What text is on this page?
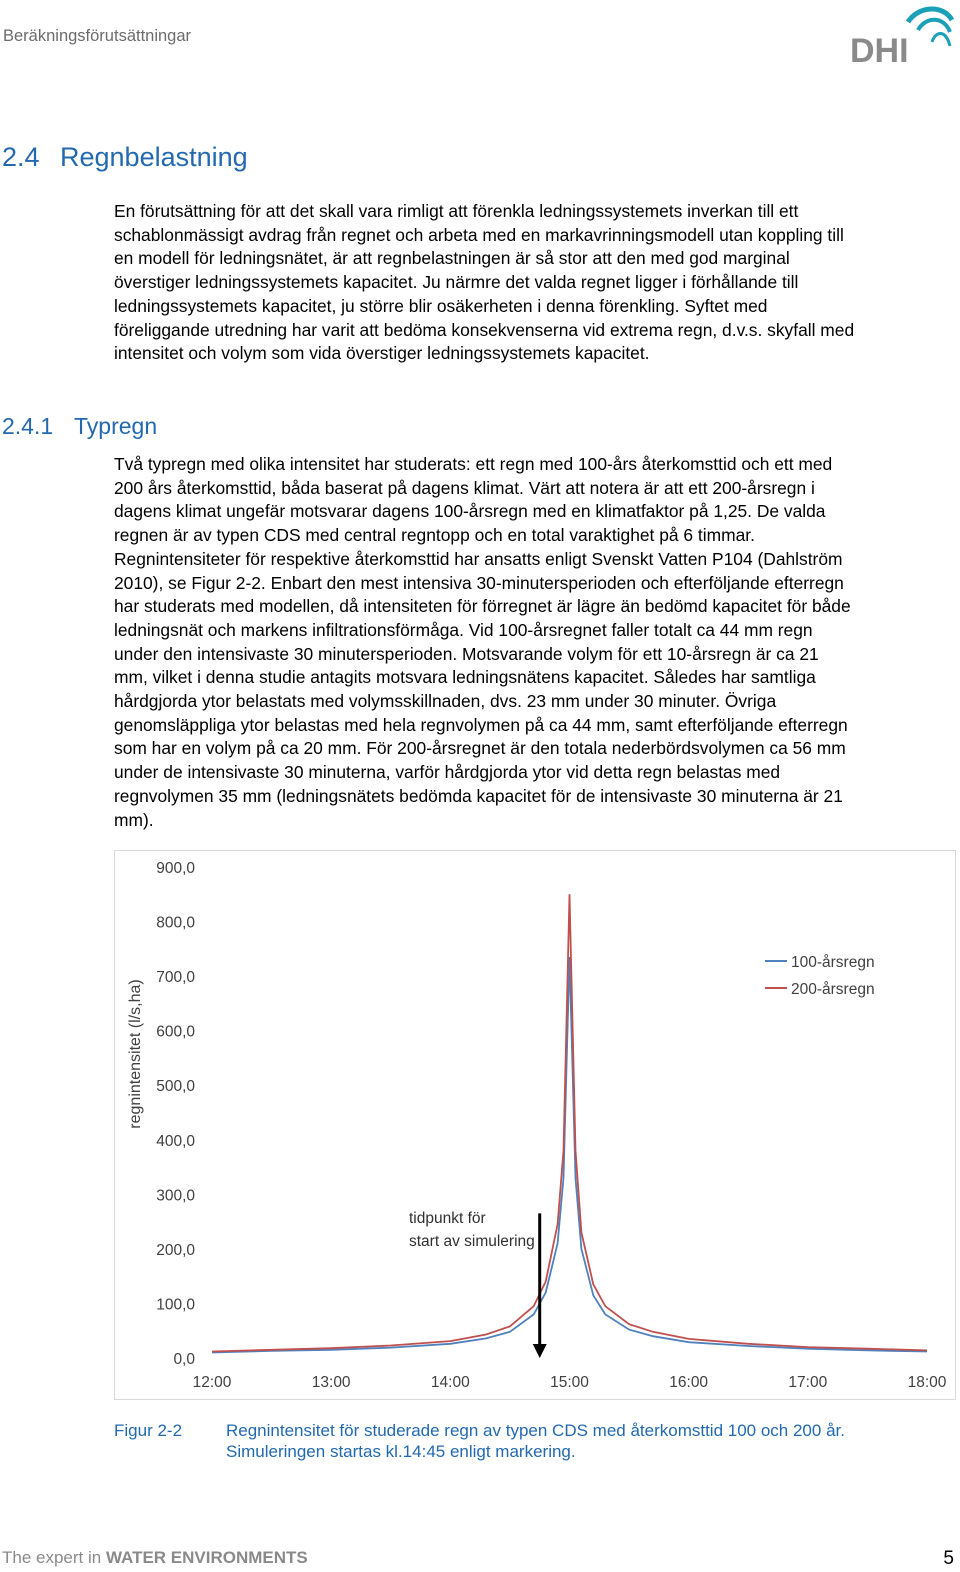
Beräkningsförutsättningar	DHI
2.4 Regnbelastning
En förutsättning för att det skall vara rimligt att förenkla ledningssystemets inverkan till ett
schablonmässigt avdrag från regnet och arbeta med en markavrinningsmodell utan koppling till
en modell för ledningsnätet, är att regnbelastningen är så stor att den med god marginal
överstiger ledningssystemets kapacitet. Ju närmre det valda regnet ligger i förhållande till
ledningssystemets kapacitet, ju större blir osäkerheten i denna förenkling. Syftet med
föreliggande utredning har varit att bedöma konsekvenserna vid extrema regn, d.v.s. skyfall med
intensitet och volym som vida överstiger ledningssystemets kapacitet.
2.4.1 Typregn
Två typregn med olika intensitet har studerats: ett regn med 100-års återkomsttid och ett med
200 års återkomsttid, båda baserat på dagens klimat. Värt att notera är att ett 200-årsregn i
dagens klimat ungefär motsvarar dagens 100-årsregn med en klimatfaktor på 1,25. De valda
regnen är av typen CDS med central regntopp och en total varaktighet på 6 timmar.
Regnintensiteter för respektive återkomsttid har ansatts enligt Svenskt Vatten P104 (Dahlström
2010), se Figur 2-2. Enbart den mest intensiva 30-minutersperioden och efterföljande efterregn
har studerats med modellen, då intensiteten för förregnet är lägre än bedömd kapacitet för både
ledningsnät och markens infiltrationsförmåga. Vid 100-årsregnet faller totalt ca 44 mm regn
under den intensivaste 30 minutersperioden. Motsvarande volym för ett 10-årsregn är ca 21
mm, vilket i denna studie antagits motsvara ledningsnätens kapacitet. Således har samtliga
hårdgjorda ytor belastats med volymsskillnaden, dvs. 23 mm under 30 minuter. Övriga
genomsläppliga ytor belastas med hela regnvolymen på ca 44 mm, samt efterföljande efterregn
som har en volym på ca 20 mm. För 200-årsregnet är den totala nederbördsvolymen ca 56 mm
under de intensivaste 30 minuterna, varför hårdgjorda ytor vid detta regn belastas med
regnvolymen 35 mm (ledningsnätets bedömda kapacitet för de intensivaste 30 minuterna är 21
mm).
regnintensitet (l/s,ha)
0,0
100,0
200,0
300,0
400,0
500,0
600,0
700,0
800,0
900,0
12:00	13:00	14:00	15:00	16:00	17:00	18:00
tidpunkt för
start av simulering
100-årsregn
200-årsregn
Figur 2-2	Regnintensitet för studerade regn av typen CDS med återkomsttid 100 och 200 år.
Simuleringen startas kl.14:45 enligt markering.
The expert in WATER ENVIRONMENTS	5
